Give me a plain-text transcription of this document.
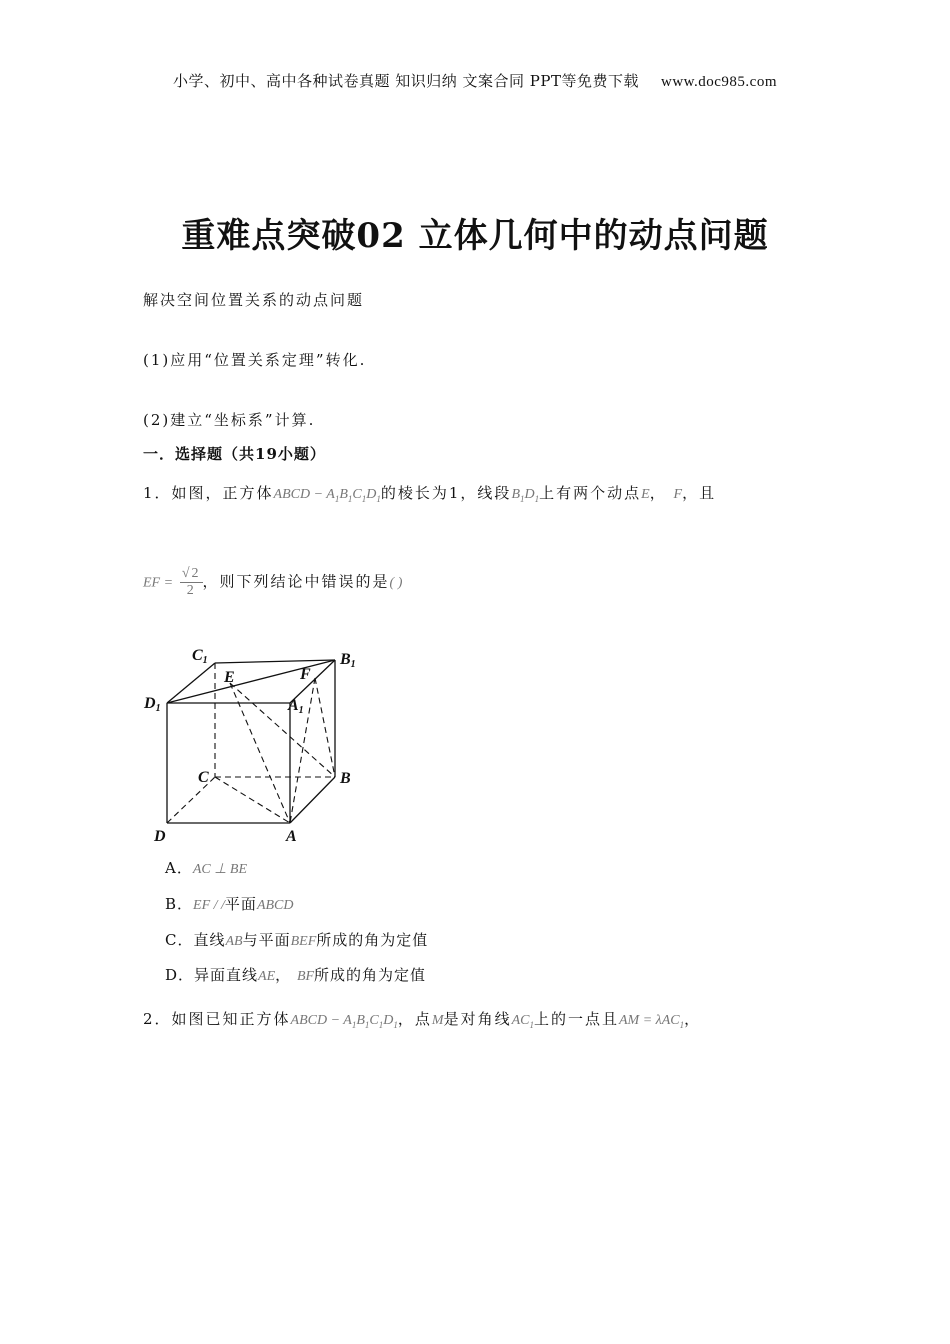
小学、初中、高中各种试卷真题 知识归纳 文案合同 PPT等免费下载 www.doc985.com
重难点突破02 立体几何中的动点问题
解决空间位置关系的动点问题
(1)应用“位置关系定理”转化.
(2)建立“坐标系”计算.
一．选择题（共19小题）
1．如图，正方体ABCD − $A_1B_1C_1D_1$的棱长为1，线段$B_1D_1$上有两个动点E， F，且
EF = $\frac{√2}{2}$ ，则下列结论中错误的是( )
C1	B1
D1	A1
E	F
C	B
D	A
A．AC ⊥ BE
B．EF / /平面ABCD
C．直线AB与平面BEF所成的角为定值
D．异面直线AE， BF所成的角为定值
2．如图已知正方体ABCD − $A_1B_1C_1D_1$，点M是对角线$AC_1$上的一点且AM = λAC$_1$，
